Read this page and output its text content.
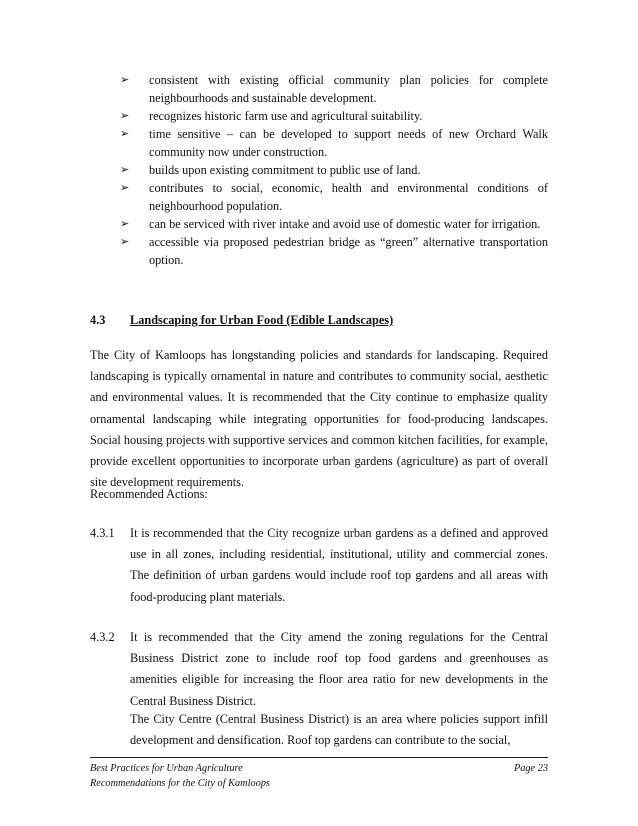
➢	consistent with existing official community plan policies for complete neighbourhoods and sustainable development.
➢	recognizes historic farm use and agricultural suitability.
➢	time sensitive – can be developed to support needs of new Orchard Walk community now under construction.
➢	builds upon existing commitment to public use of land.
➢	contributes to social, economic, health and environmental conditions of neighbourhood population.
➢	can be serviced with river intake and avoid use of domestic water for irrigation.
➢	accessible via proposed pedestrian bridge as “green” alternative transportation option.
4.3 Landscaping for Urban Food (Edible Landscapes)

The City of Kamloops has longstanding policies and standards for landscaping. Required landscaping is typically ornamental in nature and contributes to community social, aesthetic and environmental values. It is recommended that the City continue to emphasize quality ornamental landscaping while integrating opportunities for food-producing landscapes. Social housing projects with supportive services and common kitchen facilities, for example, provide excellent opportunities to incorporate urban gardens (agriculture) as part of overall site development requirements.

Recommended Actions:

4.3.1 It is recommended that the City recognize urban gardens as a defined and approved use in all zones, including residential, institutional, utility and commercial zones. The definition of urban gardens would include roof top gardens and all areas with food-producing plant materials.
4.3.2 It is recommended that the City amend the zoning regulations for the Central Business District zone to include roof top food gardens and greenhouses as amenities eligible for increasing the floor area ratio for new developments in the Central Business District.

The City Centre (Central Business District) is an area where policies support infill development and densification. Roof top gardens can contribute to the social,

Best Practices for Urban Agriculture
Recommendations for the City of Kamloops
Page 23
